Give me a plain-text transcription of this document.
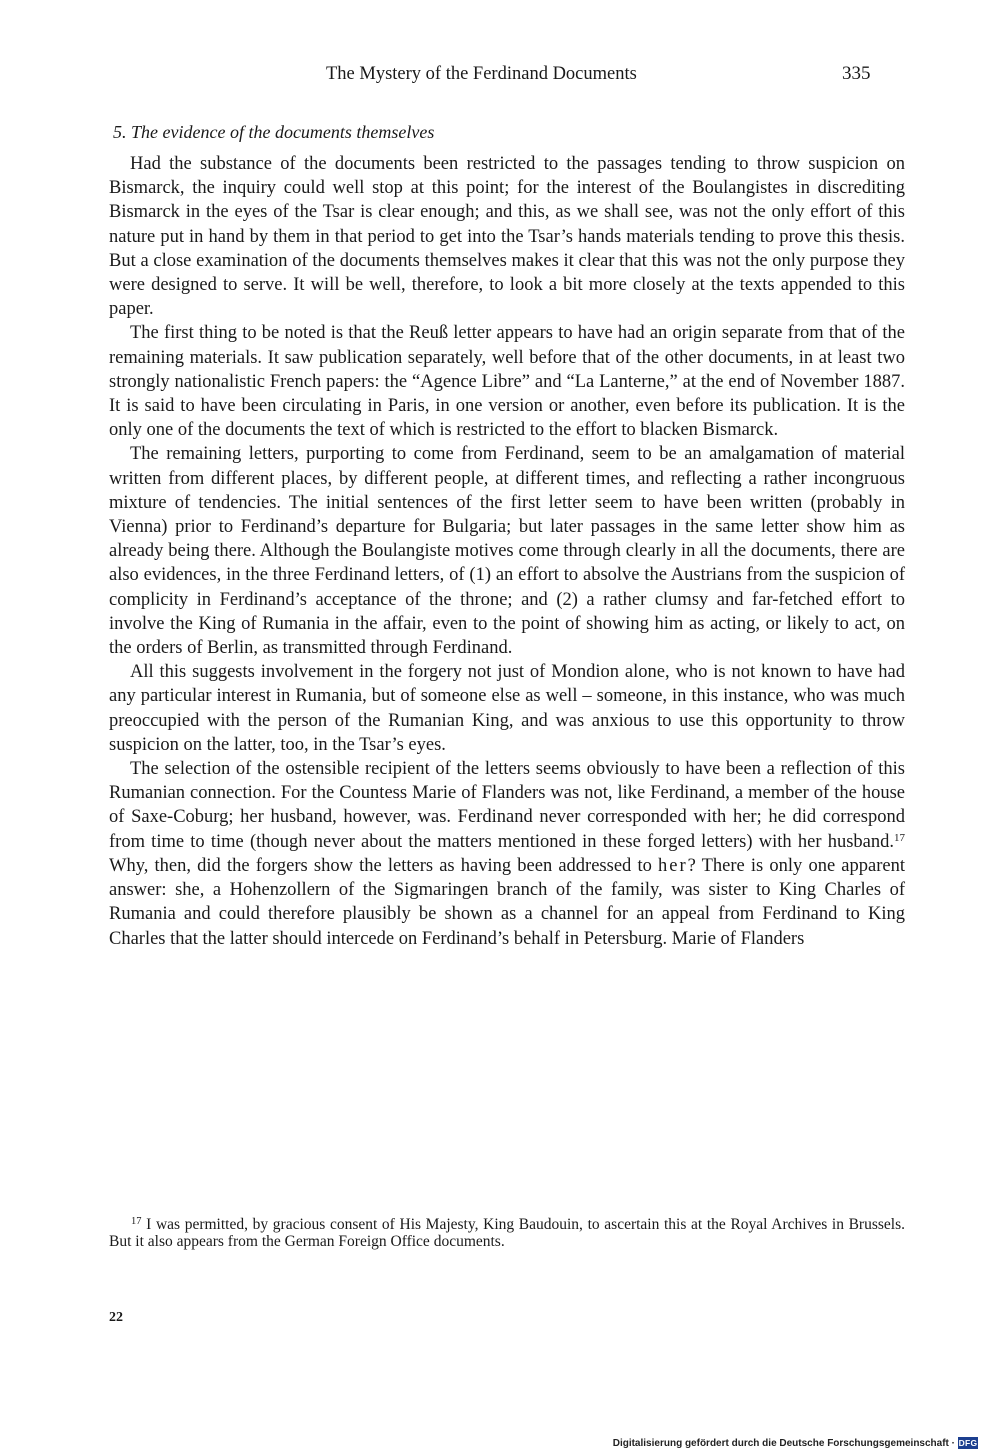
The Mystery of the Ferdinand Documents	335
5. The evidence of the documents themselves

Had the substance of the documents been restricted to the passages tending to throw suspicion on Bismarck, the inquiry could well stop at this point; for the interest of the Boulangistes in discrediting Bismarck in the eyes of the Tsar is clear enough; and this, as we shall see, was not the only effort of this nature put in hand by them in that period to get into the Tsar’s hands materials tending to prove this thesis. But a close examination of the documents themselves makes it clear that this was not the only purpose they were designed to serve. It will be well, therefore, to look a bit more closely at the texts appended to this paper.

The first thing to be noted is that the Reuß letter appears to have had an origin separate from that of the remaining materials. It saw publication separately, well before that of the other documents, in at least two strongly nationalistic French papers: the “Agence Libre” and “La Lanterne,” at the end of November 1887. It is said to have been circulating in Paris, in one version or another, even before its publication. It is the only one of the documents the text of which is restricted to the effort to blacken Bismarck.

The remaining letters, purporting to come from Ferdinand, seem to be an amalgamation of material written from different places, by different people, at different times, and reflecting a rather incongruous mixture of tendencies. The initial sentences of the first letter seem to have been written (probably in Vienna) prior to Ferdinand’s departure for Bulgaria; but later passages in the same letter show him as already being there. Although the Boulangiste motives come through clearly in all the documents, there are also evidences, in the three Ferdinand letters, of (1) an effort to absolve the Austrians from the suspicion of complicity in Ferdinand’s acceptance of the throne; and (2) a rather clumsy and far-fetched effort to involve the King of Rumania in the affair, even to the point of showing him as acting, or likely to act, on the orders of Berlin, as transmitted through Ferdinand.

All this suggests involvement in the forgery not just of Mondion alone, who is not known to have had any particular interest in Rumania, but of someone else as well – someone, in this instance, who was much preoccupied with the person of the Rumanian King, and was anxious to use this opportunity to throw suspicion on the latter, too, in the Tsar’s eyes.

The selection of the ostensible recipient of the letters seems obviously to have been a reflection of this Rumanian connection. For the Countess Marie of Flanders was not, like Ferdinand, a member of the house of Saxe-Coburg; her husband, however, was. Ferdinand never corresponded with her; he did correspond from time to time (though never about the matters mentioned in these forged letters) with her husband.$^{17}$ Why, then, did the forgers show the letters as having been addressed to her? There is only one apparent answer: she, a Hohenzollern of the Sigmaringen branch of the family, was sister to King Charles of Rumania and could therefore plausibly be shown as a channel for an appeal from Ferdinand to King Charles that the latter should intercede on Ferdinand’s behalf in Petersburg. Marie of Flanders

$^{17}$ I was permitted, by gracious consent of His Majesty, King Baudouin, to ascertain this at the Royal Archives in Brussels. But it also appears from the German Foreign Office documents.

22
Digitalisierung gefördert durch die Deutsche Forschungsgemeinschaft · DFG
